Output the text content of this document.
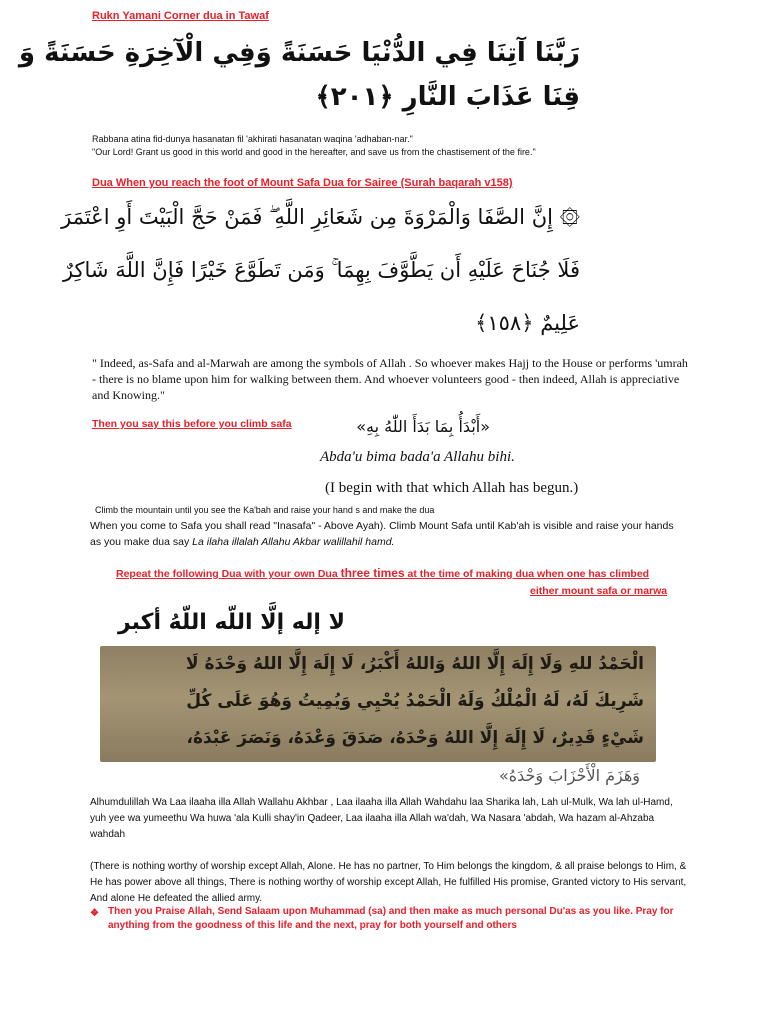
Rukn Yamani Corner dua in Tawaf
رَبَّنَا آتِنَا فِي الدُّنْيَا حَسَنَةً وَفِي الْآخِرَةِ حَسَنَةً وَ
قِنَا عَذَابَ النَّارِ ﴿٢٠١﴾
Rabbana atina fid-dunya hasanatan fil 'akhirati hasanatan waqina 'adhaban-nar."
"Our Lord! Grant us good in this world and good in the hereafter, and save us from the chastisement of the fire."
Dua When you reach the foot of Mount Safa Dua for Sairee (Surah baqarah v158)
۞ إِنَّ الصَّفَا وَالْمَرْوَةَ مِن شَعَائِرِ اللَّهِ ۖ فَمَنْ حَجَّ الْبَيْتَ أَوِ اعْتَمَرَ
فَلَا جُنَاحَ عَلَيْهِ أَن يَطَّوَّفَ بِهِمَا ۚ وَمَن تَطَوَّعَ خَيْرًا فَإِنَّ اللَّهَ شَاكِرٌ
عَلِيمٌ ﴿١٥٨﴾
" Indeed, as-Safa and al-Marwah are among the symbols of Allah . So whoever makes Hajj to the House or performs 'umrah - there is no blame upon him for walking between them. And whoever volunteers good - then indeed, Allah is appreciative and Knowing."
Then you say this before you climb safa	«أَبْدَأُ بِمَا بَدَأَ اللّٰهُ بِهِ»
Abda'u bima bada'a Allahu bihi.
(I begin with that which Allah has begun.)
Climb the mountain until you see the Ka'bah and raise your hand s and make the dua
When you come to Safa you shall read "Inasafa" - Above Ayah). Climb Mount Safa until Kab'ah is visible and raise your hands as you make dua say La ilaha illalah Allahu Akbar walillahil hamd.
Repeat the following Dua with your own Dua three times at the time of making dua when one has climbed
either mount safa or marwa
لا إله إلَّا اللّه اللّهُ أكبر
الْحَمْدُ للهِ وَلَا إِلَهَ إِلَّا اللهُ وَاللهُ أَكْبَرُ، لَا إِلَهَ إِلَّا اللهُ وَحْدَهُ لَا
شَرِيكَ لَهُ، لَهُ الْمُلْكُ وَلَهُ الْحَمْدُ يُحْيِي وَيُمِيتُ وَهُوَ عَلَى كُلِّ
شَيْءٍ قَدِيرٌ، لَا إِلَهَ إِلَّا اللهُ وَحْدَهُ، صَدَقَ وَعْدَهُ، وَنَصَرَ عَبْدَهُ،
وَهَزَمَ الْأَحْزَابَ وَحْدَهُ»
Alhumdulillah Wa Laa ilaaha illa Allah Wallahu Akhbar , Laa ilaaha illa Allah Wahdahu laa Sharika lah, Lah ul-Mulk, Wa lah ul-Hamd, yuh yee wa yumeethu Wa huwa 'ala Kulli shay'in Qadeer, Laa ilaaha illa Allah wa'dah, Wa Nasara 'abdah, Wa hazam al-Ahzaba wahdah
(There is nothing worthy of worship except Allah, Alone. He has no partner, To Him belongs the kingdom, & all praise belongs to Him, & He has power above all things, There is nothing worthy of worship except Allah, He fulfilled His promise, Granted victory to His servant, And alone He defeated the allied army.
❖ Then you Praise Allah, Send Salaam upon Muhammad (sa) and then make as much personal Du'as as you like. Pray for anything from the goodness of this life and the next, pray for both yourself and others
